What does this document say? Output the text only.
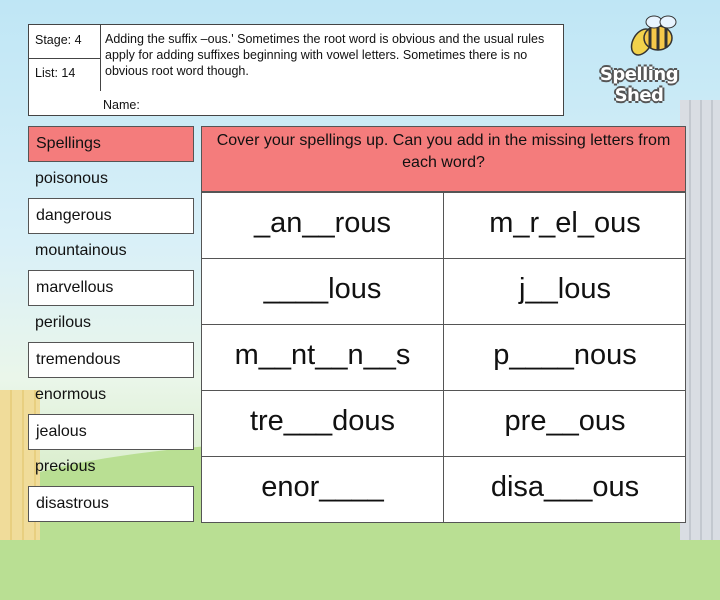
Stage: 4
List: 14
Adding the suffix –ous.' Sometimes the root word is obvious and the usual rules apply for adding suffixes beginning with vowel letters. Sometimes there is no obvious root word though.
Name:
Spelling Shed
Spellings
poisonous
dangerous
mountainous
marvellous
perilous
tremendous
enormous
jealous
precious
disastrous
Cover your spellings up. Can you add in the missing letters from each word?
_an__rous	m_r_el_ous
____lous	j__lous
m__nt__n__s	p____nous
tre___dous	pre__ous
enor____	disa___ous
